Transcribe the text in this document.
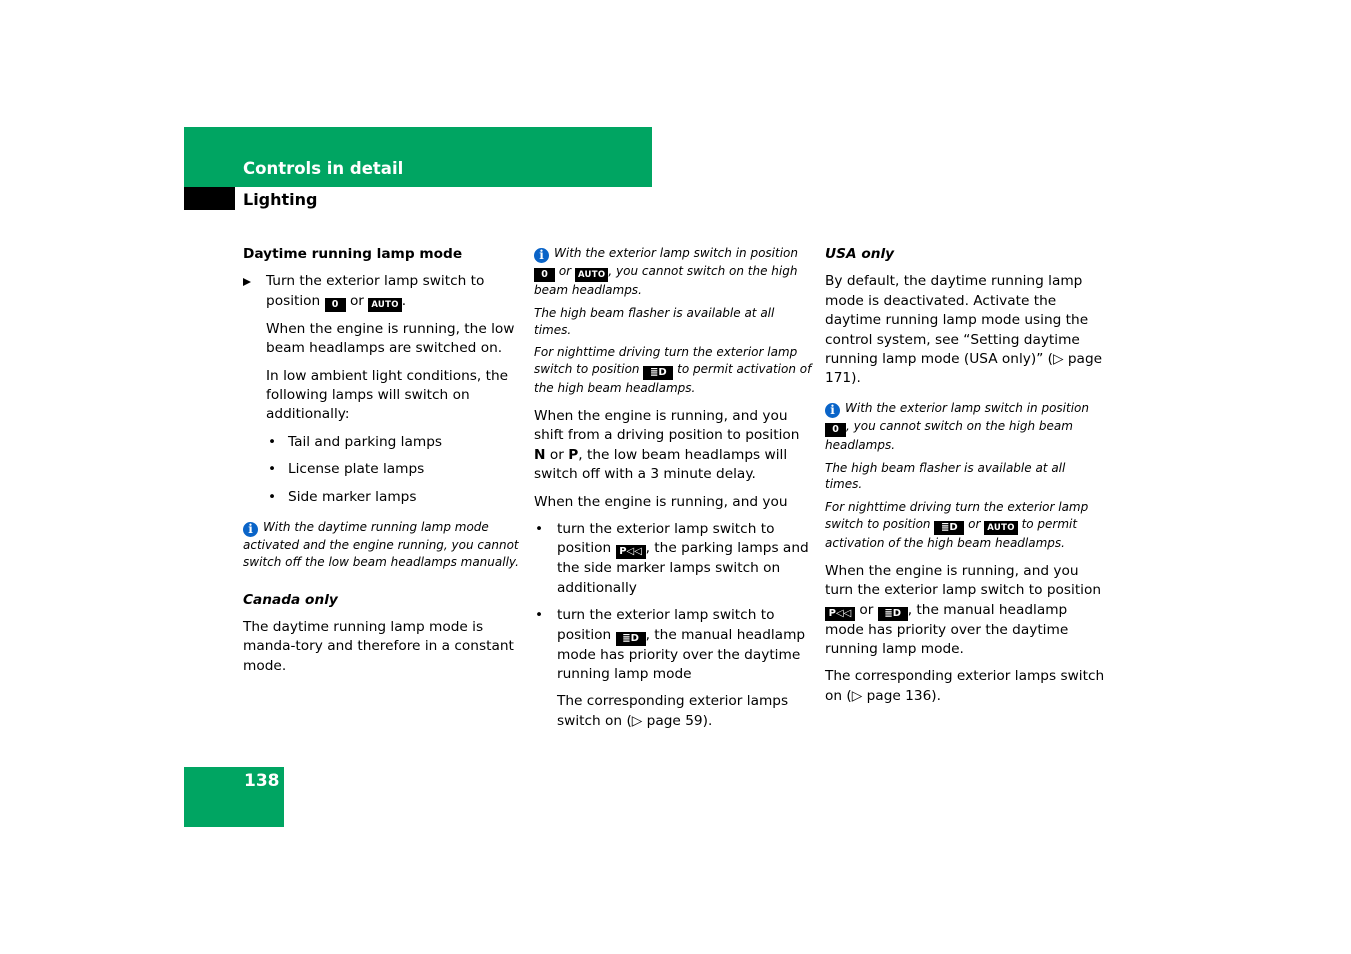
Controls in detail
Lighting

Daytime running lamp mode

Turn the exterior lamp switch to position 0 or AUTO .

When the engine is running, the low beam headlamps are switched on.

In low ambient light conditions, the following lamps will switch on additionally:

• Tail and parking lamps

• License plate lamps

• Side marker lamps

i With the daytime running lamp mode activated and the engine running, you cannot switch off the low beam headlamps manually.

Canada only

The daytime running lamp mode is manda-tory and therefore in a constant mode.

i With the exterior lamp switch in position 0 or AUTO , you cannot switch on the high beam headlamps.

The high beam flasher is available at all times.

For nighttime driving turn the exterior lamp switch to position ≣D to permit activation of the high beam headlamps.

When the engine is running, and you shift from a driving position to position N or P, the low beam headlamps will switch off with a 3 minute delay.

When the engine is running, and you

• turn the exterior lamp switch to position P◁◁ , the parking lamps and the side marker lamps switch on additionally

• turn the exterior lamp switch to position ≣D , the manual headlamp mode has priority over the daytime running lamp mode

The corresponding exterior lamps switch on (▷ page 59).

USA only

By default, the daytime running lamp mode is deactivated. Activate the daytime running lamp mode using the control system, see “Setting daytime running lamp mode (USA only)” (▷ page 171).

i With the exterior lamp switch in position 0 , you cannot switch on the high beam headlamps.

The high beam flasher is available at all times.

For nighttime driving turn the exterior lamp switch to position ≣D or AUTO to permit activation of the high beam headlamps.

When the engine is running, and you turn the exterior lamp switch to position P◁◁ or ≣D , the manual headlamp mode has priority over the daytime running lamp mode.

The corresponding exterior lamps switch on (▷ page 136).

138
